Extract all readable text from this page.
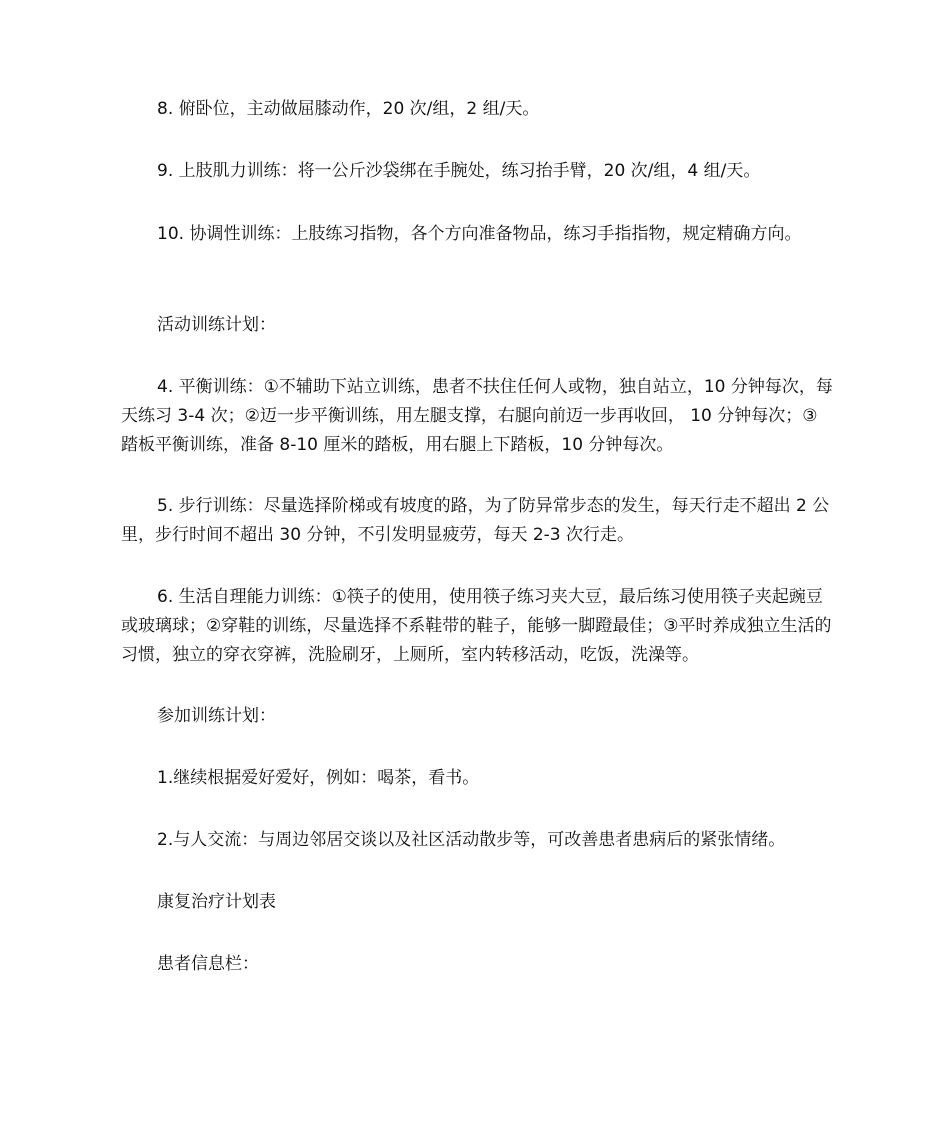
8. 俯卧位，主动做屈膝动作，20 次/组，2 组/天。

9. 上肢肌力训练：将一公斤沙袋绑在手腕处，练习抬手臂，20 次/组，4 组/天。

10. 协调性训练：上肢练习指物，各个方向准备物品，练习手指指物，规定精确方向。

活动训练计划：

4. 平衡训练：①不辅助下站立训练，患者不扶住任何人或物，独自站立，10 分钟每次，每天练习 3-4 次；②迈一步平衡训练，用左腿支撑，右腿向前迈一步再收回， 10 分钟每次；③踏板平衡训练，准备 8-10 厘米的踏板，用右腿上下踏板，10 分钟每次。

5. 步行训练：尽量选择阶梯或有坡度的路，为了防异常步态的发生，每天行走不超出 2 公里，步行时间不超出 30 分钟，不引发明显疲劳，每天 2-3 次行走。

6. 生活自理能力训练：①筷子的使用，使用筷子练习夹大豆，最后练习使用筷子夹起豌豆或玻璃球；②穿鞋的训练，尽量选择不系鞋带的鞋子，能够一脚蹬最佳；③平时养成独立生活的习惯，独立的穿衣穿裤，洗脸刷牙，上厕所，室内转移活动，吃饭，洗澡等。

参加训练计划：

1.继续根据爱好爱好，例如：喝茶，看书。

2.与人交流：与周边邻居交谈以及社区活动散步等，可改善患者患病后的紧张情绪。

康复治疗计划表

患者信息栏：
